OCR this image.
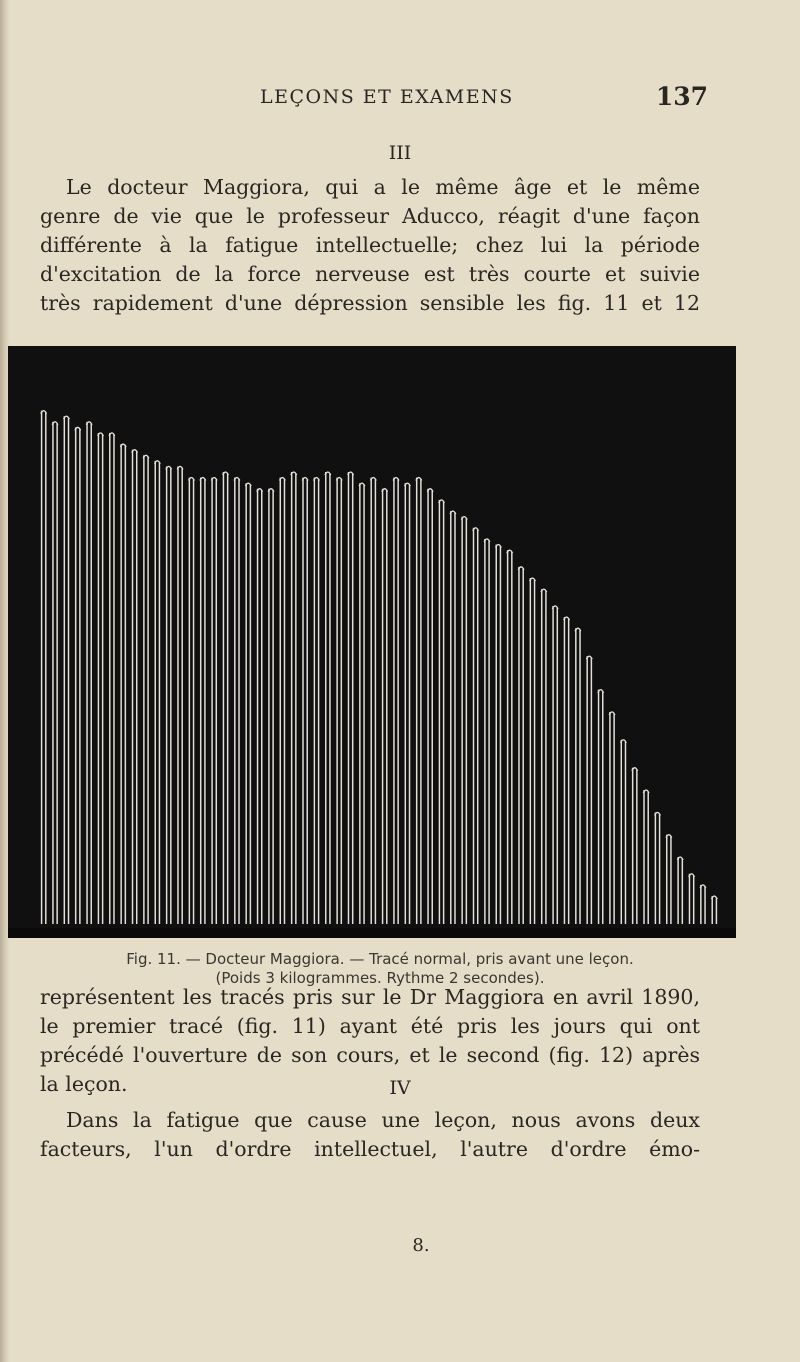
LEÇONS ET EXAMENS	137
III

Le docteur Maggiora, qui a le même âge et le même
genre de vie que le professeur Aducco, réagit d'une façon
différente à la fatigue intellectuelle; chez lui la période
d'excitation de la force nerveuse est très courte et suivie
très rapidement d'une dépression sensible les fig. 11 et 12

Fig. 11. — Docteur Maggiora. — Tracé normal, pris avant une leçon.
(Poids 3 kilogrammes. Rythme 2 secondes).

représentent les tracés pris sur le Dr Maggiora en avril 1890,
le premier tracé (fig. 11) ayant été pris les jours qui ont
précédé l'ouverture de son cours, et le second (fig. 12) après
la leçon.	IV

Dans la fatigue que cause une leçon, nous avons deux
facteurs, l'un d'ordre intellectuel, l'autre d'ordre émo-

8.
